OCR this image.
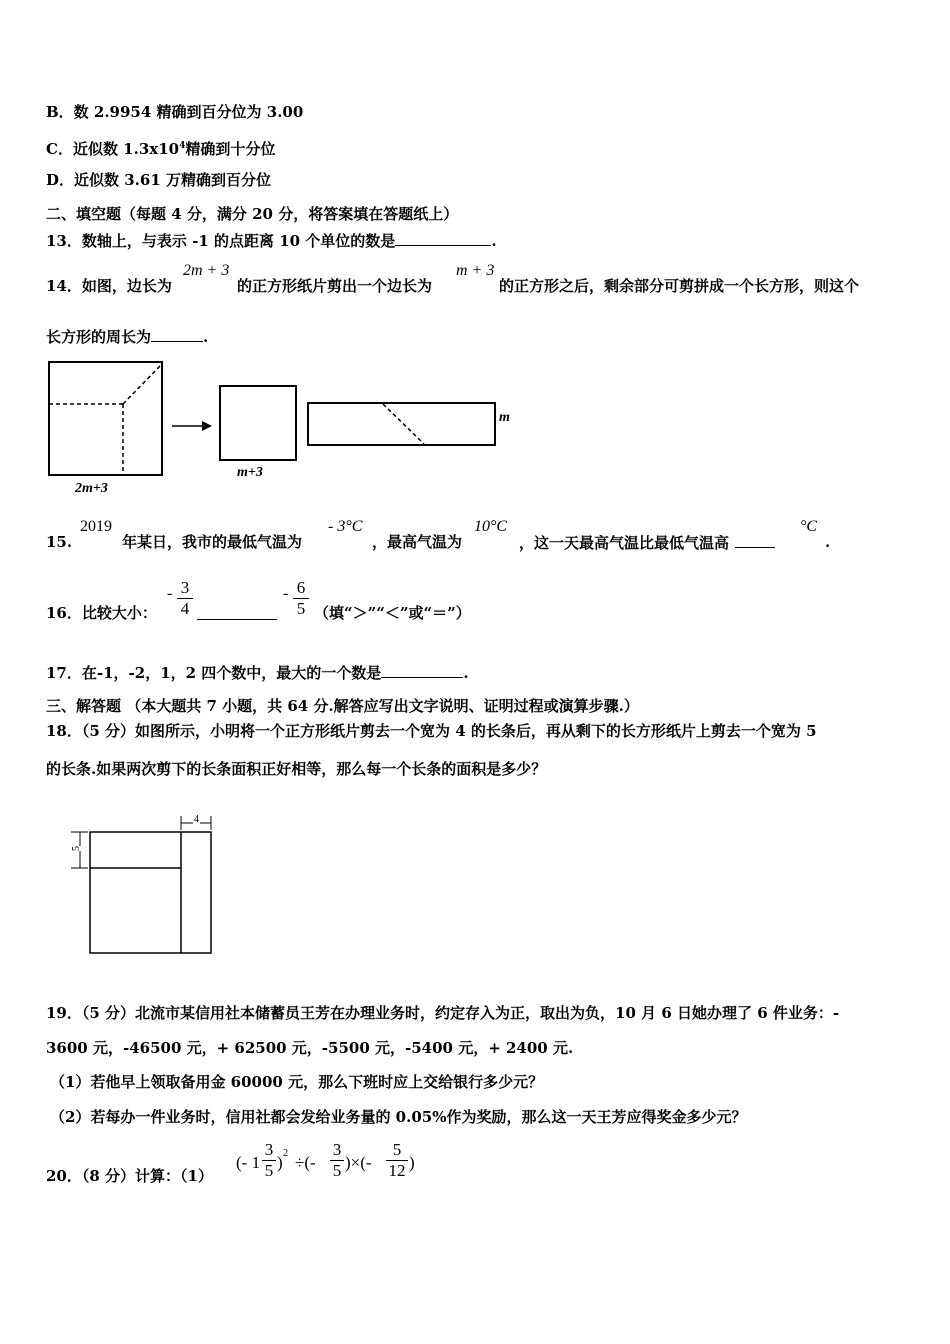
B．数 2.9954 精确到百分位为 3.00
C．近似数 $1.3x10^4$精确到十分位
D．近似数 3.61 万精确到百分位
二、填空题（每题 4 分，满分 20 分，将答案填在答题纸上）
13．数轴上，与表示 -1 的点距离 10 个单位的数是	.
14．如图，边长为
2m + 3
的正方形纸片剪出一个边长为
m + 3
的正方形之后，剩余部分可剪拼成一个长方形，则这个
长方形的周长为	.
2m+3
m+3
m
15.
2019
年某日，我市的最低气温为
- 3°C
，最高气温为
10°C
，这一天最高气温比最低气温高
°C
.
16．比较大小：
- 3
4
- 6
5 （填“＞”“＜”或“＝”）
17．在-1，-2，1，2 四个数中，最大的一个数是	.
三、解答题 （本大题共 7 小题，共 64 分.解答应写出文字说明、证明过程或演算步骤.）
18．（5 分）如图所示，小明将一个正方形纸片剪去一个宽为 4 的长条后，再从剩下的长方形纸片上剪去一个宽为 5
的长条.如果两次剪下的长条面积正好相等，那么每一个长条的面积是多少？
4
5
19．（5 分）北流市某信用社本储蓄员王芳在办理业务时，约定存入为正，取出为负，10 月 6 日她办理了 6 件业务：-
3600 元，-46500 元，+ 62500 元，-5500 元，-5400 元，+ 2400 元.
（1）若他早上领取备用金 60000 元，那么下班时应上交给银行多少元？
（2）若每办一件业务时，信用社都会发给业务量的 0.05%作为奖励，那么这一天王芳应得奖金多少元？
20．（8 分）计算：（1）
(- 1
3
5 ) 2 ÷(-
3
5 )×(-
5
12 )
